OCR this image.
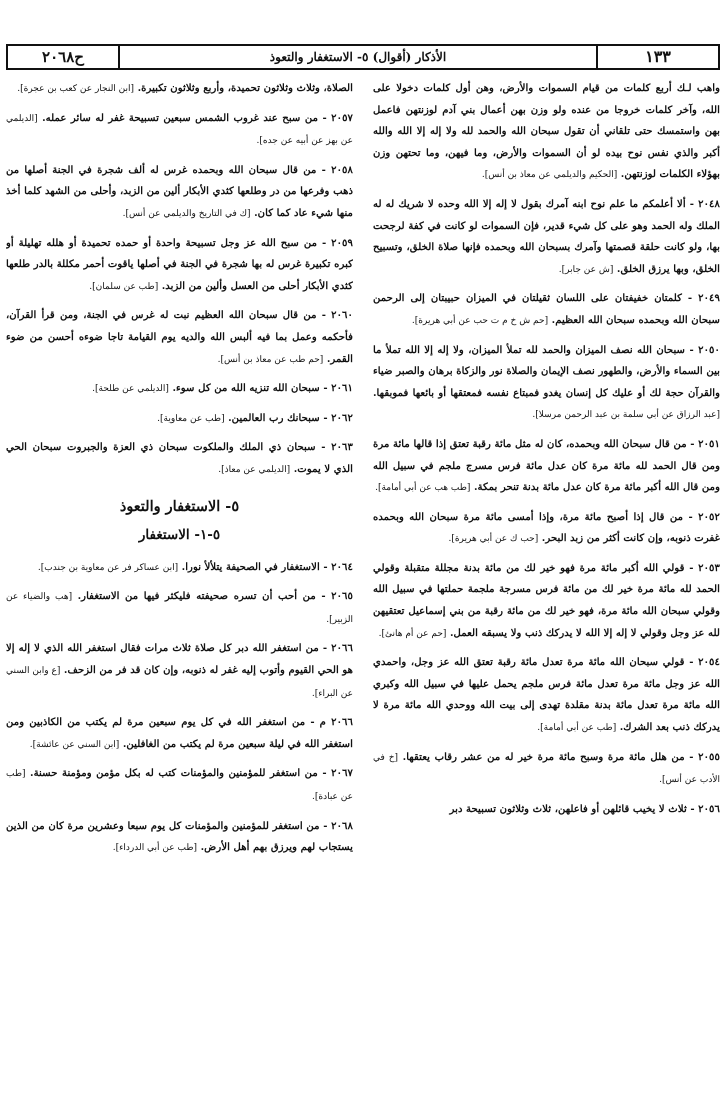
١٣٣
الأذكار (أقوال) ٥- الاستغفار والتعوذ
ح٢٠٦٨

واهب لـك أربع كلمات من قيام السموات والأرض، وهن أول كلمات دخولا على الله، وآخر كلمات خروجا من عنده ولو وزن بهن أعمال بني آدم لوزنتهن فاعمل بهن واستمسك حتى تلقاني أن تقول سبحان الله والحمد لله ولا إله إلا الله والله أكبر والذي نفس نوح بيده لو أن السموات والأرض، وما فيهن، وما تحتهن وزن بهؤلاء الكلمات لوزنتهن. [الحكيم والديلمي عن معاذ بن أنس].

٢٠٤٨ - ألا أعلمكم ما علم نوح ابنه آمرك بقول لا إله إلا الله وحده لا شريك له له الملك وله الحمد وهو على كل شيء قدير، فإن السموات لو كانت في كفة لرجحت بها، ولو كانت حلقة قصمتها وآمرك بسبحان الله وبحمده فإنها صلاة الخلق، وتسبيح الخلق، وبها يرزق الخلق. [ش عن جابر].

٢٠٤٩ - كلمتان خفيفتان على اللسان ثقيلتان في الميزان حبيبتان إلى الرحمن سبحان الله وبحمده سبحان الله العظيم. [حم ش خ م ت حب عن أبي هريرة].

٢٠٥٠ - سبحان الله نصف الميزان والحمد لله تملأ الميزان، ولا إله إلا الله تملأ ما بين السماء والأرض، والطهور نصف الإيمان والصلاة نور والزكاة برهان والصبر ضياء والقرآن حجة لك أو عليك كل إنسان يغدو فمبتاع نفسه فمعتقها أو بائعها فموبقها. [عبد الرزاق عن أبي سلمة بن عبد الرحمن مرسلا].

٢٠٥١ - من قال سبحان الله وبحمده، كان له مثل مائة رقبة تعتق إذا قالها مائة مرة ومن قال الحمد لله مائة مرة كان عدل مائة فرس مسرج ملجم في سبيل الله ومن قال الله أكبر مائة مرة كان عدل مائة بدنة تنحر بمكة. [طب هب عن أبي أمامة].

٢٠٥٢ - من قال إذا أصبح مائة مرة، وإذا أمسى مائة مرة سبحان الله وبحمده غفرت ذنوبه، وإن كانت أكثر من زبد البحر. [حب ك عن أبي هريرة].

٢٠٥٣ - قولي الله أكبر مائة مرة فهو خير لك من مائة بدنة مجللة متقبلة وقولي الحمد لله مائة مرة خير لك من مائة فرس مسرجة ملجمة حملتها في سبيل الله وقولي سبحان الله مائة مرة، فهو خير لك من مائة رقبة من بني إسماعيل تعتقيهن لله عز وجل وقولي لا إله إلا الله لا يدركك ذنب ولا يسبقه العمل. [حم عن أم هانئ].

٢٠٥٤ - قولي سبحان الله مائة مرة تعدل مائة رقبة تعتق الله عز وجل، واحمدي الله عز وجل مائة مرة تعدل مائة فرس ملجم يحمل عليها في سبيل الله وكبري الله مائة مرة تعدل مائة بدنة مقلدة تهدى إلى بيت الله ووحدي الله مائة مرة لا يدركك ذنب بعد الشرك. [طب عن أبي أمامة].

٢٠٥٥ - من هلل مائة مرة وسبح مائة مرة خير له من عشر رقاب يعتقها. [خ في الأدب عن أنس].

٢٠٥٦ - ثلاث لا يخيب قائلهن أو فاعلهن، ثلاث وثلاثون تسبيحة دبر

الصلاة، وثلاث وثلاثون تحميدة، وأربع وثلاثون تكبيرة. [ابن النجار عن كعب بن عجرة].

٢٠٥٧ - من سبح عند غروب الشمس سبعين تسبيحة غفر له سائر عمله. [الديلمي عن بهز عن أبيه عن جده].

٢٠٥٨ - من قال سبحان الله وبحمده غرس له ألف شجرة في الجنة أصلها من ذهب وفرعها من در وطلعها كثدي الأبكار ألين من الزبد، وأحلى من الشهد كلما أخذ منها شيء عاد كما كان. [ك في التاريخ والديلمي عن أنس].

٢٠٥٩ - من سبح الله عز وجل تسبيحة واحدة أو حمده تحميدة أو هلله تهليلة أو كبره تكبيرة غرس له بها شجرة في الجنة في أصلها ياقوت أحمر مكللة بالدر طلعها كثدي الأبكار أحلى من العسل وألين من الزبد. [طب عن سلمان].

٢٠٦٠ - من قال سبحان الله العظيم نبت له غرس في الجنة، ومن قرأ القرآن، فأحكمه وعمل بما فيه ألبس الله والديه يوم القيامة تاجا ضوءه أحسن من ضوء القمر. [حم طب عن معاذ بن أنس].

٢٠٦١ - سبحان الله تنزيه الله من كل سوء. [الديلمي عن طلحة].

٢٠٦٢ - سبحانك رب العالمين. [طب عن معاوية].

٢٠٦٣ - سبحان ذي الملك والملكوت سبحان ذي العزة والجبروت سبحان الحي الذي لا يموت. [الديلمي عن معاذ].

٥- الاستغفار والتعوذ
٥-١- الاستغفار

٢٠٦٤ - الاستغفار في الصحيفة يتلألأ نورا. [ابن عساكر فر عن معاوية بن جندب].

٢٠٦٥ - من أحب أن تسره صحيفته فليكثر فيها من الاستغفار. [هب والضياء عن الزبير].

٢٠٦٦ - من استغفر الله دبر كل صلاة ثلاث مرات فقال استغفر الله الذي لا إله إلا هو الحي القيوم وأتوب إليه غفر له ذنوبه، وإن كان قد فر من الزحف. [ع وابن السني عن البراء].

٢٠٦٦ م - من استغفر الله في كل يوم سبعين مرة لم يكتب من الكاذبين ومن استغفر الله في ليلة سبعين مرة لم يكتب من الغافلين. [ابن السني عن عائشة].

٢٠٦٧ - من استغفر للمؤمنين والمؤمنات كتب له بكل مؤمن ومؤمنة حسنة. [طب عن عبادة].

٢٠٦٨ - من استغفر للمؤمنين والمؤمنات كل يوم سبعا وعشرين مرة كان من الذين يستجاب لهم ويرزق بهم أهل الأرض. [طب عن أبي الدرداء].
